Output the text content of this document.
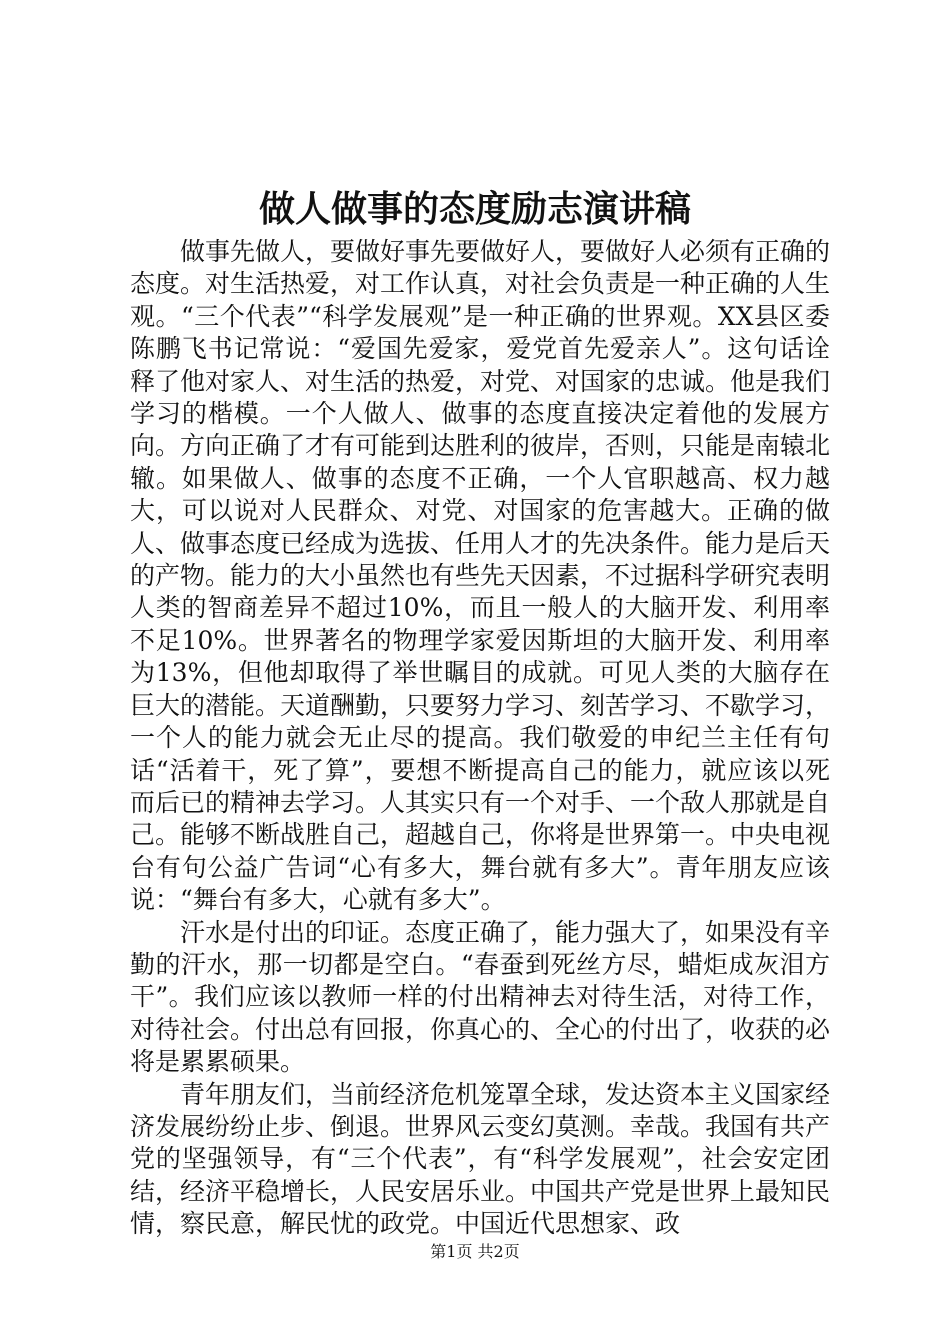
做人做事的态度励志演讲稿

做事先做人，要做好事先要做好人，要做好人必须有正确的态度。对生活热爱，对工作认真，对社会负责是一种正确的人生观。“三个代表”“科学发展观”是一种正确的世界观。XX县区委陈鹏飞书记常说：“爱国先爱家，爱党首先爱亲人”。这句话诠释了他对家人、对生活的热爱，对党、对国家的忠诚。他是我们学习的楷模。一个人做人、做事的态度直接决定着他的发展方向。方向正确了才有可能到达胜利的彼岸，否则，只能是南辕北辙。如果做人、做事的态度不正确，一个人官职越高、权力越大，可以说对人民群众、对党、对国家的危害越大。正确的做人、做事态度已经成为选拔、任用人才的先决条件。能力是后天的产物。能力的大小虽然也有些先天因素，不过据科学研究表明人类的智商差异不超过10%，而且一般人的大脑开发、利用率不足10%。世界著名的物理学家爱因斯坦的大脑开发、利用率为13%，但他却取得了举世瞩目的成就。可见人类的大脑存在巨大的潜能。天道酬勤，只要努力学习、刻苦学习、不歇学习，一个人的能力就会无止尽的提高。我们敬爱的申纪兰主任有句话“活着干，死了算”，要想不断提高自己的能力，就应该以死而后已的精神去学习。人其实只有一个对手、一个敌人那就是自己。能够不断战胜自己，超越自己，你将是世界第一。中央电视台有句公益广告词“心有多大，舞台就有多大”。青年朋友应该说：“舞台有多大，心就有多大”。

汗水是付出的印证。态度正确了，能力强大了，如果没有辛勤的汗水，那一切都是空白。“春蚕到死丝方尽，蜡炬成灰泪方干”。我们应该以教师一样的付出精神去对待生活，对待工作，对待社会。付出总有回报，你真心的、全心的付出了，收获的必将是累累硕果。

青年朋友们，当前经济危机笼罩全球，发达资本主义国家经济发展纷纷止步、倒退。世界风云变幻莫测。幸哉。我国有共产党的坚强领导，有“三个代表”，有“科学发展观”，社会安定团结，经济平稳增长，人民安居乐业。中国共产党是世界上最知民情，察民意，解民忧的政党。中国近代思想家、政

第1页 共2页
